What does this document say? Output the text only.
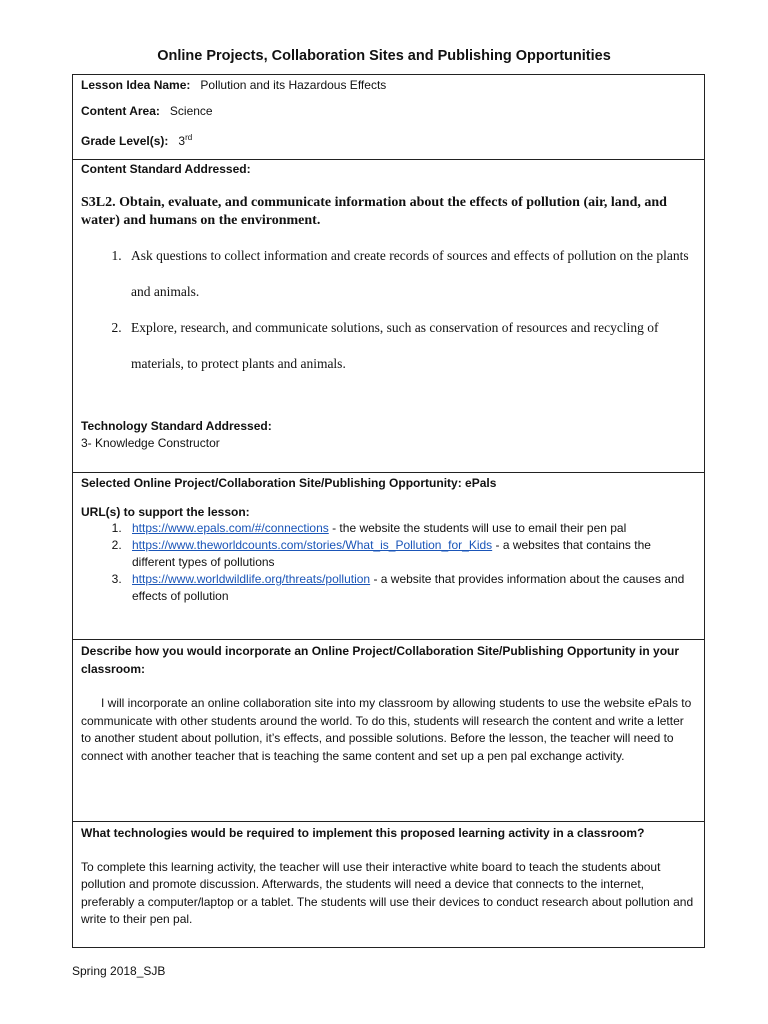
Online Projects, Collaboration Sites and Publishing Opportunities
Lesson Idea Name: Pollution and its Hazardous Effects
Content Area: Science
Grade Level(s): 3rd

Content Standard Addressed:

S3L2. Obtain, evaluate, and communicate information about the effects of pollution (air, land, and water) and humans on the environment.

1. Ask questions to collect information and create records of sources and effects of pollution on the plants and animals.
2. Explore, research, and communicate solutions, such as conservation of resources and recycling of materials, to protect plants and animals.
Technology Standard Addressed:
3- Knowledge Constructor

Selected Online Project/Collaboration Site/Publishing Opportunity: ePals
URL(s) to support the lesson:
1. https://www.epals.com/#/connections - the website the students will use to email their pen pal
2. https://www.theworldcounts.com/stories/What_is_Pollution_for_Kids - a websites that contains the different types of pollutions
3. https://www.worldwildlife.org/threats/pollution - a website that provides information about the causes and effects of pollution

Describe how you would incorporate an Online Project/Collaboration Site/Publishing Opportunity in your classroom:

I will incorporate an online collaboration site into my classroom by allowing students to use the website ePals to communicate with other students around the world. To do this, students will research the content and write a letter to another student about pollution, it’s effects, and possible solutions. Before the lesson, the teacher will need to connect with another teacher that is teaching the same content and set up a pen pal exchange activity.

What technologies would be required to implement this proposed learning activity in a classroom?

To complete this learning activity, the teacher will use their interactive white board to teach the students about pollution and promote discussion. Afterwards, the students will need a device that connects to the internet, preferably a computer/laptop or a tablet. The students will use their devices to conduct research about pollution and write to their pen pal.

Spring 2018_SJB
